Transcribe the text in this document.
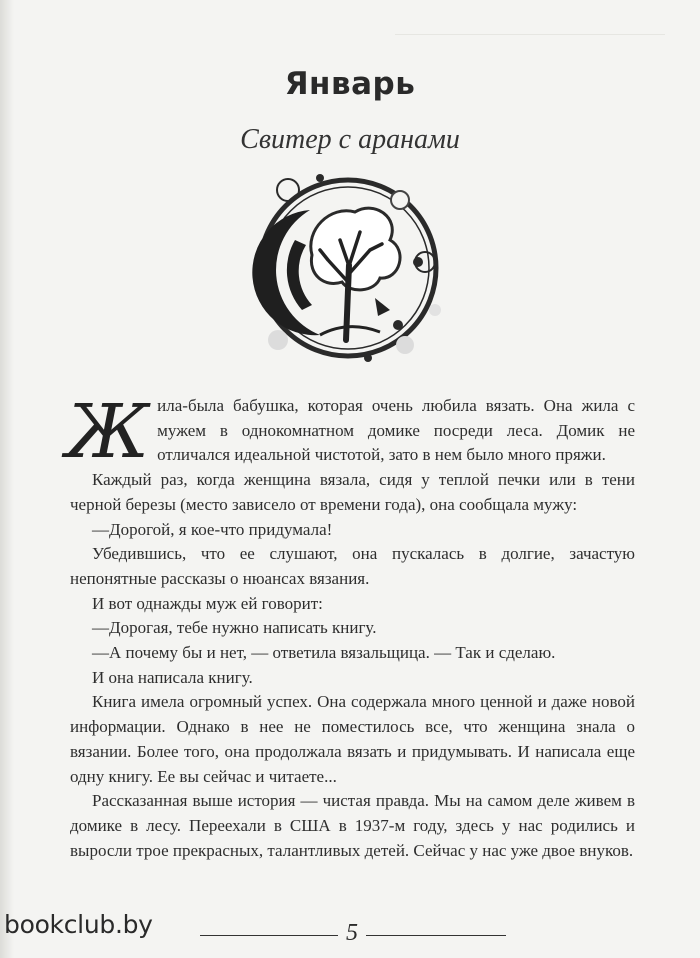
Январь
Свитер с аранами

Жила-была бабушка, которая очень любила вязать. Она жила с мужем в однокомнатном домике посреди леса. Домик не отличался идеальной чистотой, зато в нем было много пряжи.

Каждый раз, когда женщина вязала, сидя у теплой печки или в тени черной березы (место зависело от времени года), она сообщала мужу:

—Дорогой, я кое-что придумала!

Убедившись, что ее слушают, она пускалась в долгие, зачастую непонятные рассказы о нюансах вязания.

И вот однажды муж ей говорит:

—Дорогая, тебе нужно написать книгу.

—А почему бы и нет, — ответила вязальщица. — Так и сделаю.

И она написала книгу.

Книга имела огромный успех. Она содержала много ценной и даже новой информации. Однако в нее не поместилось все, что женщина знала о вязании. Более того, она продолжала вязать и придумывать. И написала еще одну книгу. Ее вы сейчас и читаете...

Рассказанная выше история — чистая правда. Мы на самом деле живем в домике в лесу. Переехали в США в 1937-м году, здесь у нас родились и выросли трое прекрасных, талантливых детей. Сейчас у нас уже двое внуков.

5
bookclub.by
